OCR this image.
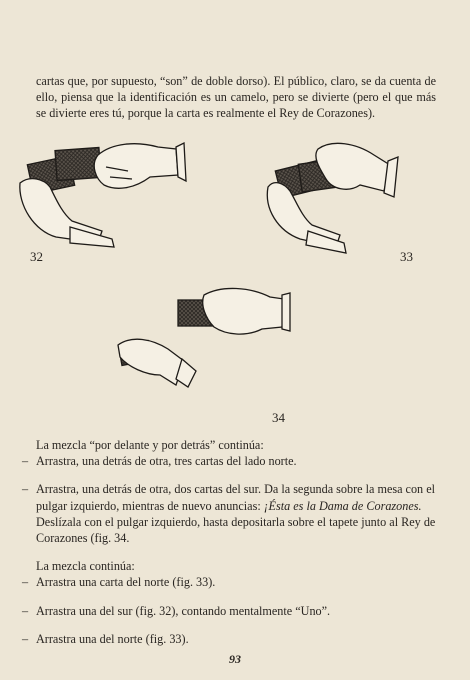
cartas que, por supuesto, “son” de doble dorso). El público, claro, se da cuenta de ello, piensa que la identificación es un camelo, pero se divierte (pero el que más se divierte eres tú, porque la carta es realmente el Rey de Corazones).

32	33
34

La mezcla “por delante y por detrás” continúa:

– Arrastra, una detrás de otra, tres cartas del lado norte.

– Arrastra, una detrás de otra, dos cartas del sur. Da la segunda sobre la mesa con el pulgar izquierdo, mientras de nuevo anuncias: ¡Ésta es la Dama de Corazones. Deslízala con el pulgar izquierdo, hasta depositarla sobre el tapete junto al Rey de Corazones (fig. 34.

La mezcla continúa:

– Arrastra una carta del norte (fig. 33).

– Arrastra una del sur (fig. 32), contando mentalmente “Uno”.

– Arrastra una del norte (fig. 33).

93
